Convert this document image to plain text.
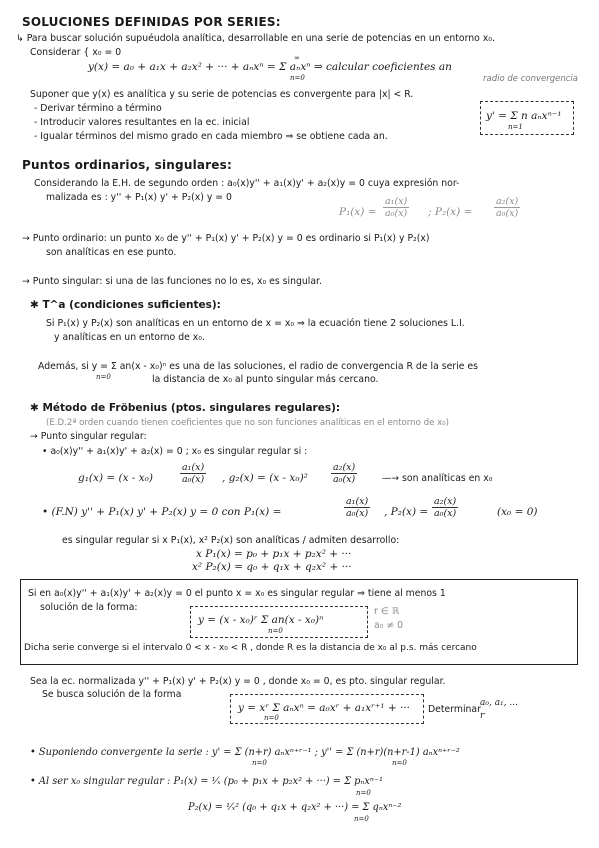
SOLUCIONES DEFINIDAS POR SERIES:
↳ Para buscar solución supuéudola analítica, desarrollable en una serie de potencias en un entorno x₀.
Considerar { x₀ = 0
y(x) = a₀ + a₁x + a₂x² + ··· + aₙxⁿ = Σ aₙxⁿ ⇒ calcular coeficientes an
n=0
∞
radio de convergencia
Suponer que y(x) es analítica y su serie de potencias es convergente para |x| < R.
- Derivar término a término
- Introducir valores resultantes en la ec. inicial
- Igualar términos del mismo grado en cada miembro ⇒ se obtiene cada an.
y' = Σ n aₙxⁿ⁻¹
n=1
Puntos ordinarios, singulares:
Considerando la E.H. de segundo orden : a₀(x)y'' + a₁(x)y' + a₂(x)y = 0 cuya expresión nor-
malizada es : y'' + P₁(x) y' + P₂(x) y = 0
$P_1(x) = \frac{\text{a₁(x)}}{\text{a₀(x)}}$ ; $P_2(x) = \frac{\text{a₂(x)}}{\text{a₀(x)}}$
→ Punto ordinario: un punto x₀ de y'' + P₁(x) y' + P₂(x) y = 0 es ordinario si P₁(x) y P₂(x)
son analíticas en ese punto.
→ Punto singular: si una de las funciones no lo es, x₀ es singular.
✱ T^a (condiciones suficientes):
Si P₁(x) y P₂(x) son analíticas en un entorno de x = x₀ ⇒ la ecuación tiene 2 soluciones L.I.
y analíticas en un entorno de x₀.
Además, si y = Σ an(x - x₀)ⁿ es una de las soluciones, el radio de convergencia R de la serie es
n=0	la distancia de x₀ al punto singular más cercano.
✱ Método de Fröbenius (ptos. singulares regulares):
(E.D.2ª orden cuando tienen coeficientes que no son funciones analíticas en el entorno de x₀)
→ Punto singular regular:
• a₀(x)y'' + a₁(x)y' + a₂(x) = 0 ; x₀ es singular regular si :
g₁(x) = (x - x₀)	$\frac{\text{a₁(x)}}{\text{a₀(x)}}$ , $g_2(x) = (x - x_0)^2 \frac{\text{a₂(x)}}{\text{a₀(x)}}$	—→ son analíticas en x₀
• (F.N) y'' + P₁(x) y' + P₂(x) y = 0 con P₁(x) =	$\frac{\text{a₁(x)}}{\text{a₀(x)}}$ , $P_2(x) = \frac{\text{a₂(x)}}{\text{a₀(x)}}$	(x₀ = 0)
es singular regular si x P₁(x), x² P₂(x) son analíticas / admiten desarrollo:
x P₁(x) = p₀ + p₁x + p₂x² + ···
x² P₂(x) = q₀ + q₁x + q₂x² + ···
Si en a₀(x)y'' + a₁(x)y' + a₂(x)y = 0 el punto x = x₀ es singular regular ⇒ tiene al menos 1
solución de la forma:
y = (x - x₀)ʳ Σ an(x - x₀)ⁿ
n=0
r ∈ ℝ
a₀ ≠ 0
Dicha serie converge si el intervalo 0 < x - x₀ < R , donde R es la distancia de x₀ al p.s. más cercano
Sea la ec. normalizada y'' + P₁(x) y' + P₂(x) y = 0 , donde x₀ = 0, es pto. singular regular.
Se busca solución de la forma
y = xʳ Σ aₙxⁿ = a₀xʳ + a₁xʳ⁺¹ + ···
n=0
Determinar
a₀, a₁, ...
r
• Suponiendo convergente la serie : y' = Σ (n+r) aₙxⁿ⁺ʳ⁻¹ ; y'' = Σ (n+r)(n+r-1) aₙxⁿ⁺ʳ⁻²
n=0	n=0
• Al ser x₀ singular regular : P₁(x) = ¹⁄ₓ (p₀ + p₁x + p₂x² + ···) = Σ pₙxⁿ⁻¹
n=0
P₂(x) = ¹⁄ₓ² (q₀ + q₁x + q₂x² + ···) = Σ qₙxⁿ⁻²
n=0
